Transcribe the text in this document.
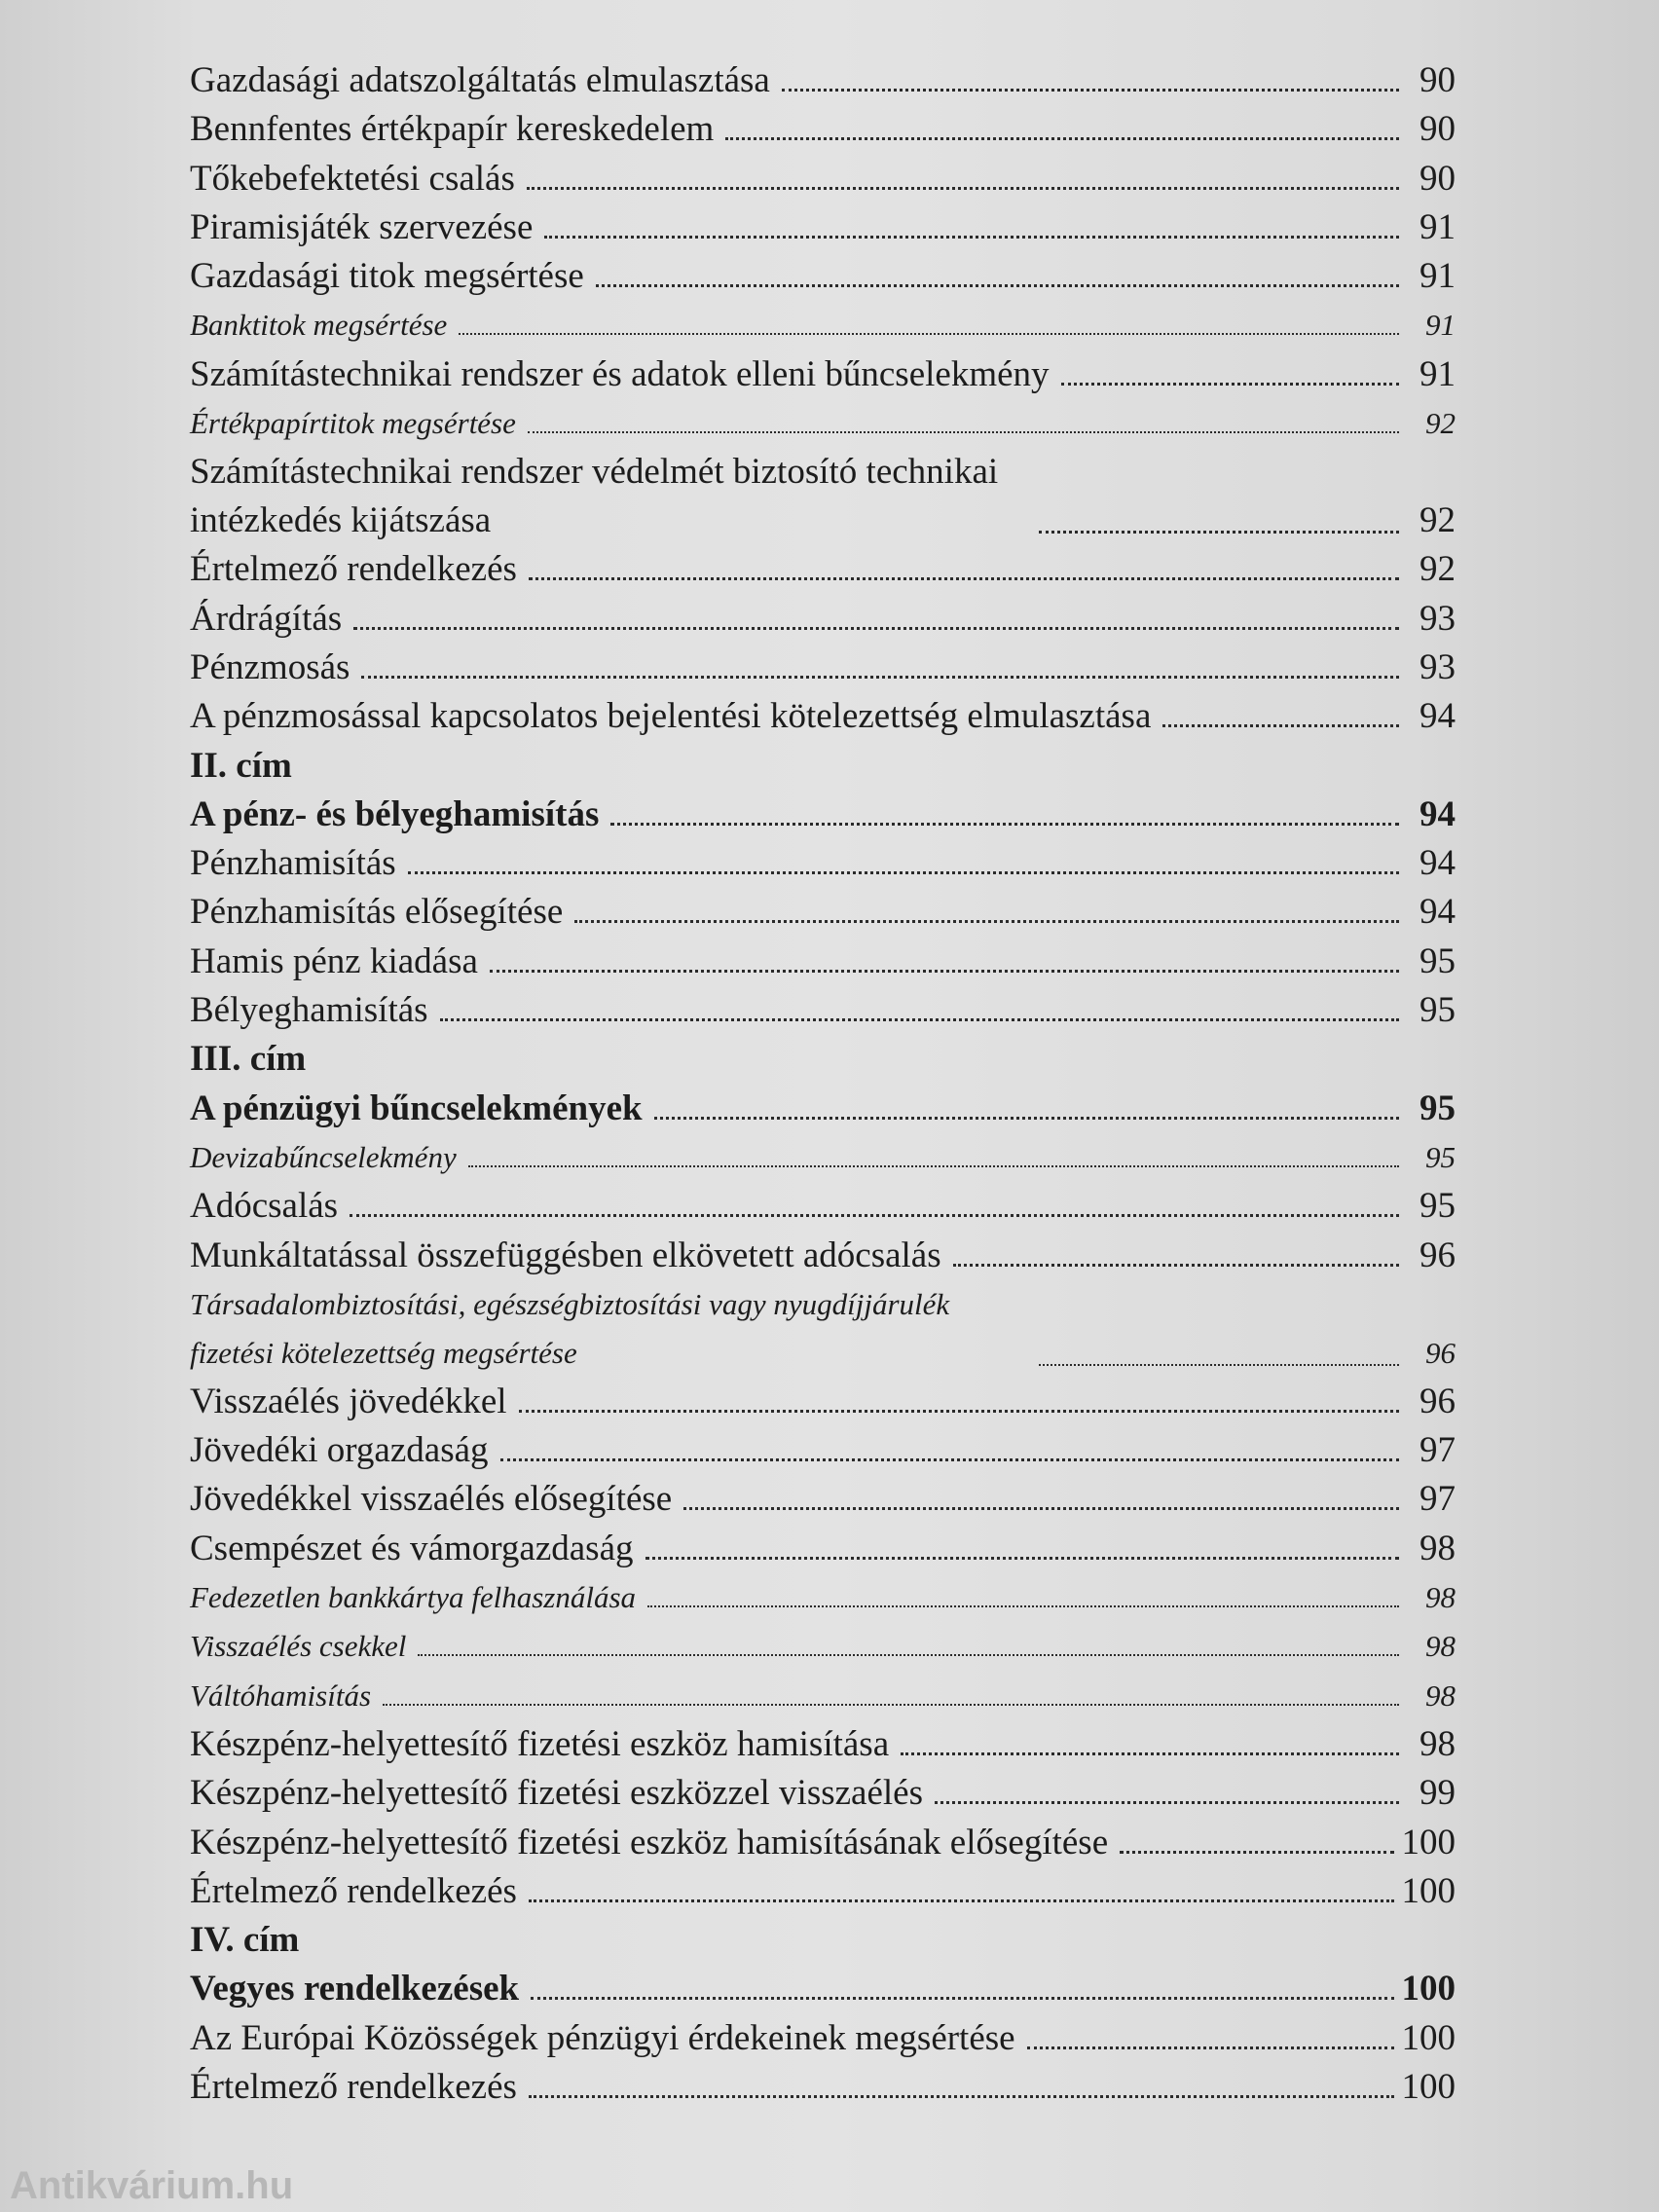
Gazdasági adatszolgáltatás elmulasztása	90
Bennfentes értékpapír kereskedelem	90
Tőkebefektetési csalás	90
Piramisjáték szervezése	91
Gazdasági titok megsértése	91
Banktitok megsértése	91
Számítástechnikai rendszer és adatok elleni bűncselekmény	91
Értékpapírtitok megsértése	92
Számítástechnikai rendszer védelmét biztosító technikai intézkedés kijátszása	92
Értelmező rendelkezés	92
Árdrágítás	93
Pénzmosás	93
A pénzmosással kapcsolatos bejelentési kötelezettség elmulasztása	94
II. cím
A pénz- és bélyeghamisítás	94
Pénzhamisítás	94
Pénzhamisítás elősegítése	94
Hamis pénz kiadása	95
Bélyeghamisítás	95
III. cím
A pénzügyi bűncselekmények	95
Devizabűncselekmény	95
Adócsalás	95
Munkáltatással összefüggésben elkövetett adócsalás	96
Társadalombiztosítási, egészségbiztosítási vagy nyugdíjjárulék fizetési kötelezettség megsértése	96
Visszaélés jövedékkel	96
Jövedéki orgazdaság	97
Jövedékkel visszaélés elősegítése	97
Csempészet és vámorgazdaság	98
Fedezetlen bankkártya felhasználása	98
Visszaélés csekkel	98
Váltóhamisítás	98
Készpénz-helyettesítő fizetési eszköz hamisítása	98
Készpénz-helyettesítő fizetési eszközzel visszaélés	99
Készpénz-helyettesítő fizetési eszköz hamisításának elősegítése	100
Értelmező rendelkezés	100
IV. cím
Vegyes rendelkezések	100
Az Európai Közösségek pénzügyi érdekeinek megsértése	100
Értelmező rendelkezés	100
Antikvárium.hu
